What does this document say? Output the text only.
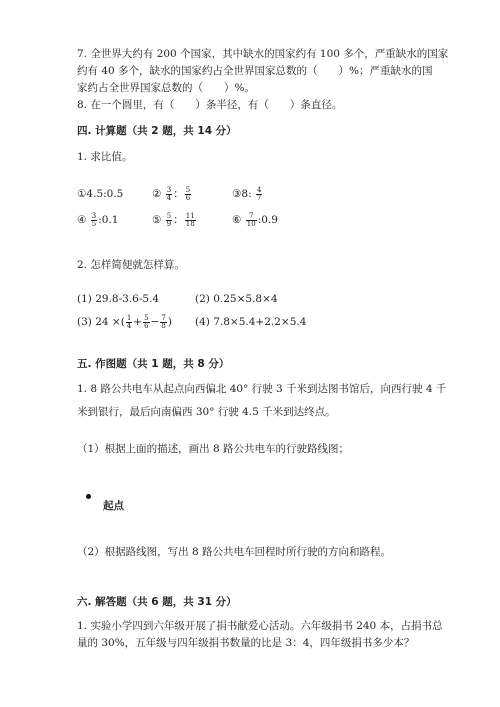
7. 全世界大约有 200 个国家，其中缺水的国家约有 100 多个，严重缺水的国家
约有 40 多个，缺水的国家约占全世界国家总数的（　　）%；严重缺水的国
家约占全世界国家总数的（　　）%。
8. 在一个圆里，有（　　）条半径，有（　　）条直径。
四. 计算题（共 2 题，共 14 分）
1. 求比值。
①4.5:0.5	② $\frac{3}{4}$ ： $\frac{5}{6}$	③8: $\frac{4}{7}$
④ $\frac{3}{5}$ :0.1	⑤ $\frac{5}{9}$ ： $\frac{11}{18}$	⑥ $\frac{7}{10}$ :0.9
2. 怎样简便就怎样算。
(1) 29.8-3.6-5.4	(2) 0.25×5.8×4
(3) 24 ×( $\frac{1}{4} + \frac{5}{6} - \frac{7}{8}$ ) (4) 7.8×5.4+2.2×5.4
五. 作图题（共 1 题，共 8 分）
1. 8 路公共电车从起点向西偏北 40° 行驶 3 千米到达图书馆后，向西行驶 4 千
米到银行，最后向南偏西 30° 行驶 4.5 千米到达终点。
（1）根据上面的描述，画出 8 路公共电车的行驶路线图；
起点
（2）根据路线图，写出 8 路公共电车回程时所行驶的方向和路程。
六. 解答题（共 6 题，共 31 分）
1. 实验小学四到六年级开展了捐书献爱心活动。六年级捐书 240 本，占捐书总
量的 30%，五年级与四年级捐书数量的比是 3：4，四年级捐书多少本？
